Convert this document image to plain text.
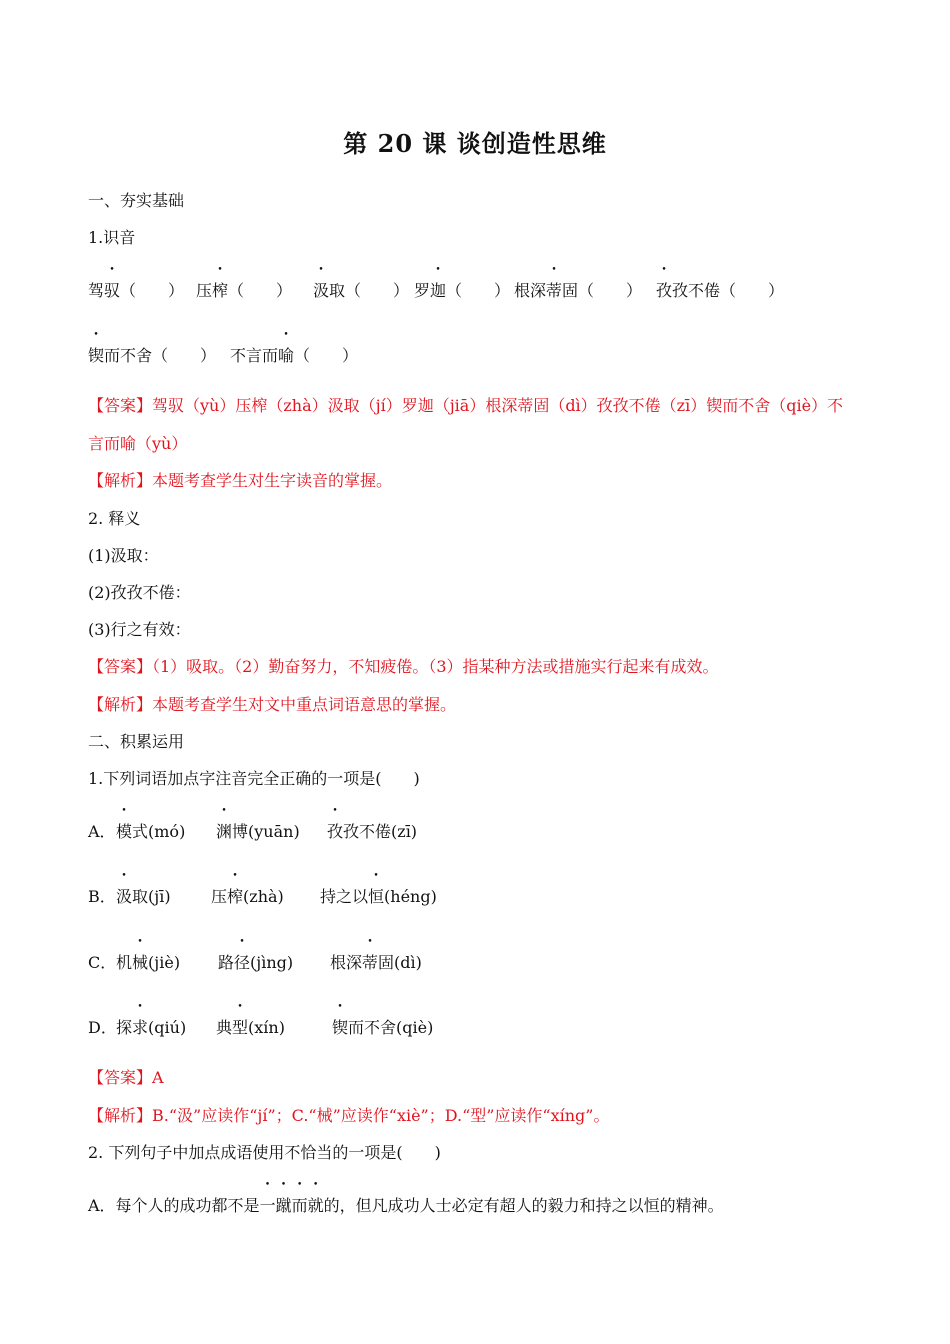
第 20 课 谈创造性思维
一、夯实基础
1.识音
驾驭（　　） 压榨（　　） 汲取（　　） 罗迦（　　） 根深蒂固（　　） 孜孜不倦（　　）
锲而不舍（　　） 不言而喻（　　）
【答案】驾驭（yù）压榨（zhà）汲取（jí）罗迦（jiā）根深蒂固（dì）孜孜不倦（zī）锲而不舍（qiè）不
言而喻（yù）
【解析】本题考查学生对生字读音的掌握。
2. 释义
(1)汲取：
(2)孜孜不倦：
(3)行之有效：
【答案】（1）吸取。（2）勤奋努力，不知疲倦。（3）指某种方法或措施实行起来有成效。
【解析】本题考查学生对文中重点词语意思的掌握。
二、积累运用
1.下列词语加点字注音完全正确的一项是(　　)
A． 模式(mó) 渊博(yuān) 孜孜不倦(zī)
B． 汲取(jī)	压榨(zhà) 持之以恒(héng)
C． 机械(jiè) 路径(jìng) 根深蒂固(dì)
D． 探求(qiú) 典型(xín)	锲而不舍(qiè)
【答案】A
【解析】B.“汲”应读作“jí”；C.“械”应读作“xiè”；D.“型”应读作“xíng”。
2. 下列句子中加点成语使用不恰当的一项是(　　)
A．每个人的成功都不是一蹴而就的，但凡成功人士必定有超人的毅力和持之以恒的精神。
